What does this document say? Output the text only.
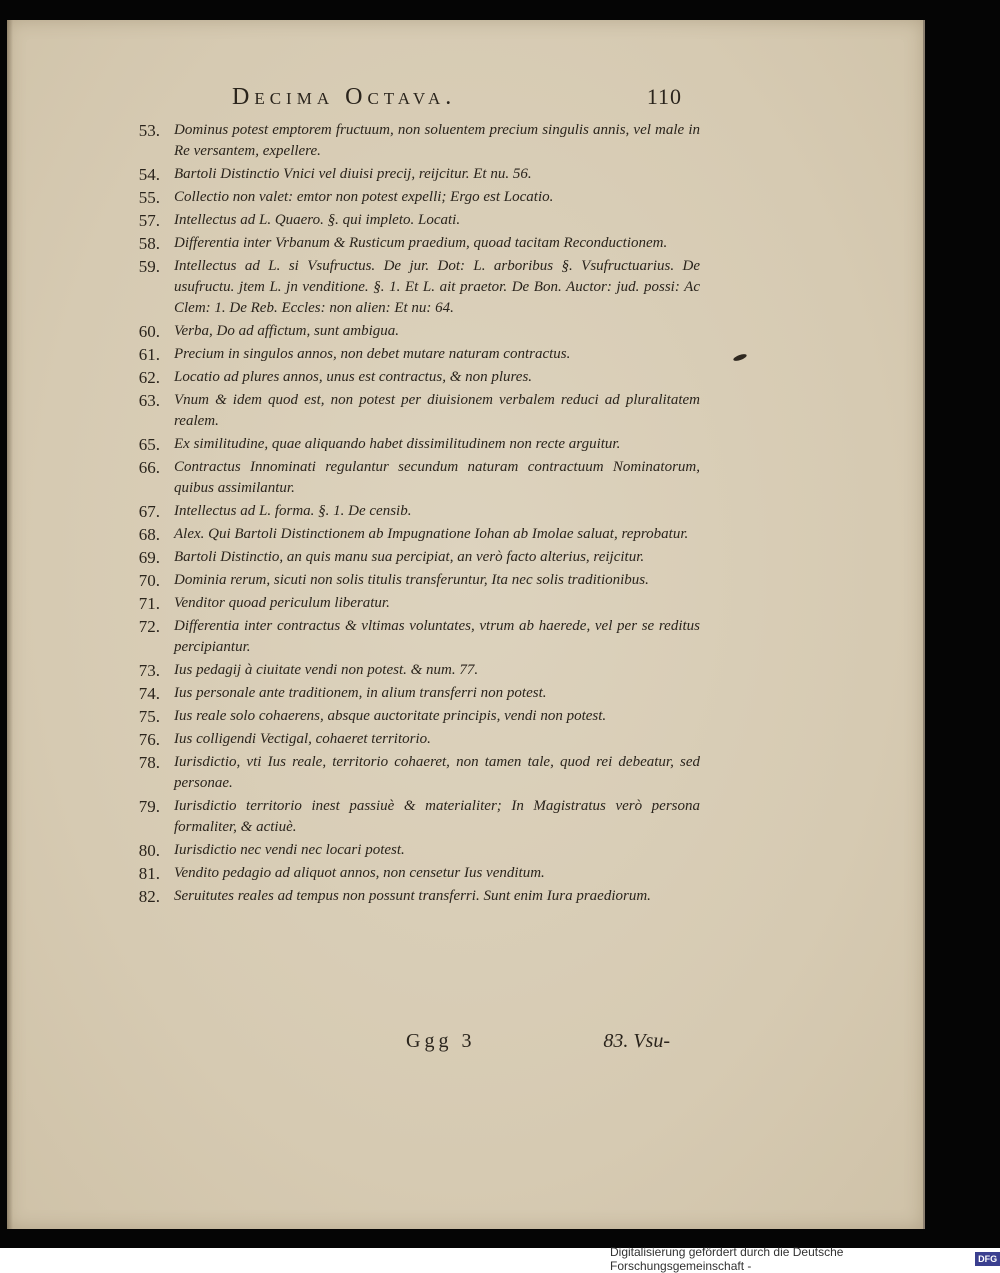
Decima Octava.	110
53. Dominus potest emptorem fructuum, non soluentem precium singulis annis, vel male in Re versantem, expellere.
54. Bartoli Distinctio Vnici vel diuisi precij, reijcitur. Et nu. 56.
55. Collectio non valet: emtor non potest expelli; Ergo est Locatio.
57. Intellectus ad L. Quaero. §. qui impleto. Locati.
58. Differentia inter Vrbanum & Rusticum praedium, quoad tacitam Reconductionem.
59. Intellectus ad L. si Vsufructus. De jur. Dot: L. arboribus §. Vsufructuarius. De usufructu. jtem L. jn venditione. §. 1. Et L. ait praetor. De Bon. Auctor: jud. possi: Ac Clem: 1. De Reb. Eccles: non alien: Et nu: 64.
60. Verba, Do ad affictum, sunt ambigua.
61. Precium in singulos annos, non debet mutare naturam contractus.
62. Locatio ad plures annos, unus est contractus, & non plures.
63. Vnum & idem quod est, non potest per diuisionem verbalem reduci ad pluralitatem realem.
65. Ex similitudine, quae aliquando habet dissimilitudinem non recte arguitur.
66. Contractus Innominati regulantur secundum naturam contractuum Nominatorum, quibus assimilantur.
67. Intellectus ad L. forma. §. 1. De censib.
68. Alex. Qui Bartoli Distinctionem ab Impugnatione Iohan ab Imolae saluat, reprobatur.
69. Bartoli Distinctio, an quis manu sua percipiat, an verò facto alterius, reijcitur.
70. Dominia rerum, sicuti non solis titulis transferuntur, Ita nec solis traditionibus.
71. Venditor quoad periculum liberatur.
72. Differentia inter contractus & vltimas voluntates, vtrum ab haerede, vel per se reditus percipiantur.
73. Ius pedagij à ciuitate vendi non potest. & num. 77.
74. Ius personale ante traditionem, in alium transferri non potest.
75. Ius reale solo cohaerens, absque auctoritate principis, vendi non potest.
76. Ius colligendi Vectigal, cohaeret territorio.
78. Iurisdictio, vti Ius reale, territorio cohaeret, non tamen tale, quod rei debeatur, sed personae.
79. Iurisdictio territorio inest passiuè & materialiter; In Magistratus verò persona formaliter, & actiuè.
80. Iurisdictio nec vendi nec locari potest.
81. Vendito pedagio ad aliquot annos, non censetur Ius venditum.
82. Seruitutes reales ad tempus non possunt transferri. Sunt enim Iura praediorum.
Ggg 3	83. Vsu-
Digitalisierung gefördert durch die Deutsche Forschungsgemeinschaft -	DFG
